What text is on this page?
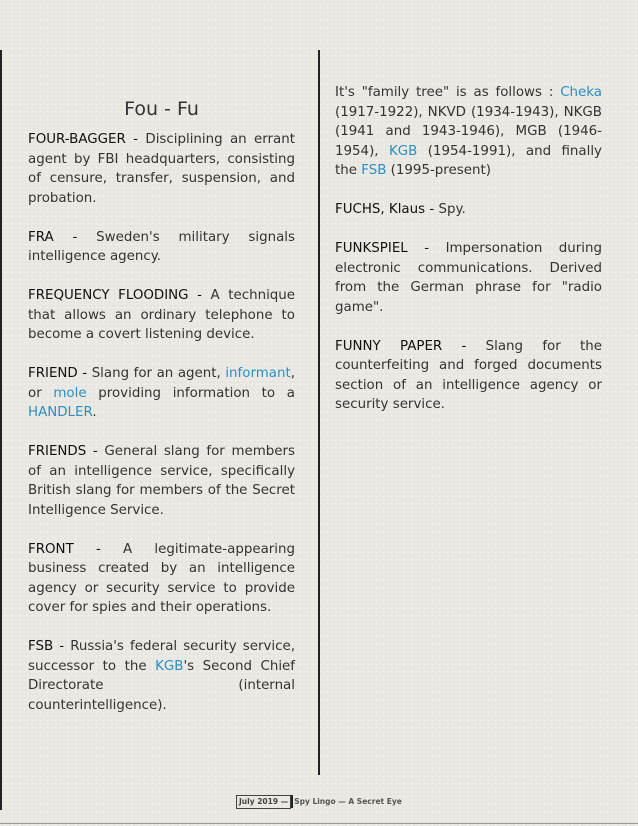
Fou - Fu

FOUR-BAGGER - Disciplining an errant agent by FBI headquarters, consisting of censure, transfer, suspension, and probation.

FRA - Sweden's military signals intelligence agency.

FREQUENCY FLOODING - A technique that allows an ordinary telephone to become a covert listening device.

FRIEND - Slang for an agent, informant, or mole providing information to a HANDLER.

FRIENDS - General slang for members of an intelligence service, specifically British slang for members of the Secret Intelligence Service.

FRONT - A legitimate-appearing business created by an intelligence agency or security service to provide cover for spies and their operations.

FSB - Russia's federal security service, successor to the KGB's Second Chief Directorate (internal counterintelligence).

It's "family tree" is as follows : Cheka (1917-1922), NKVD (1934-1943), NKGB (1941 and 1943-1946), MGB (1946-1954), KGB (1954-1991), and finally the FSB (1995-present)

FUCHS, Klaus - Spy.

FUNKSPIEL - Impersonation during electronic communications. Derived from the German phrase for "radio game".

FUNNY PAPER - Slang for the counterfeiting and forged documents section of an intelligence agency or security service.

July 2019 — Spy Lingo — A Secret Eye
